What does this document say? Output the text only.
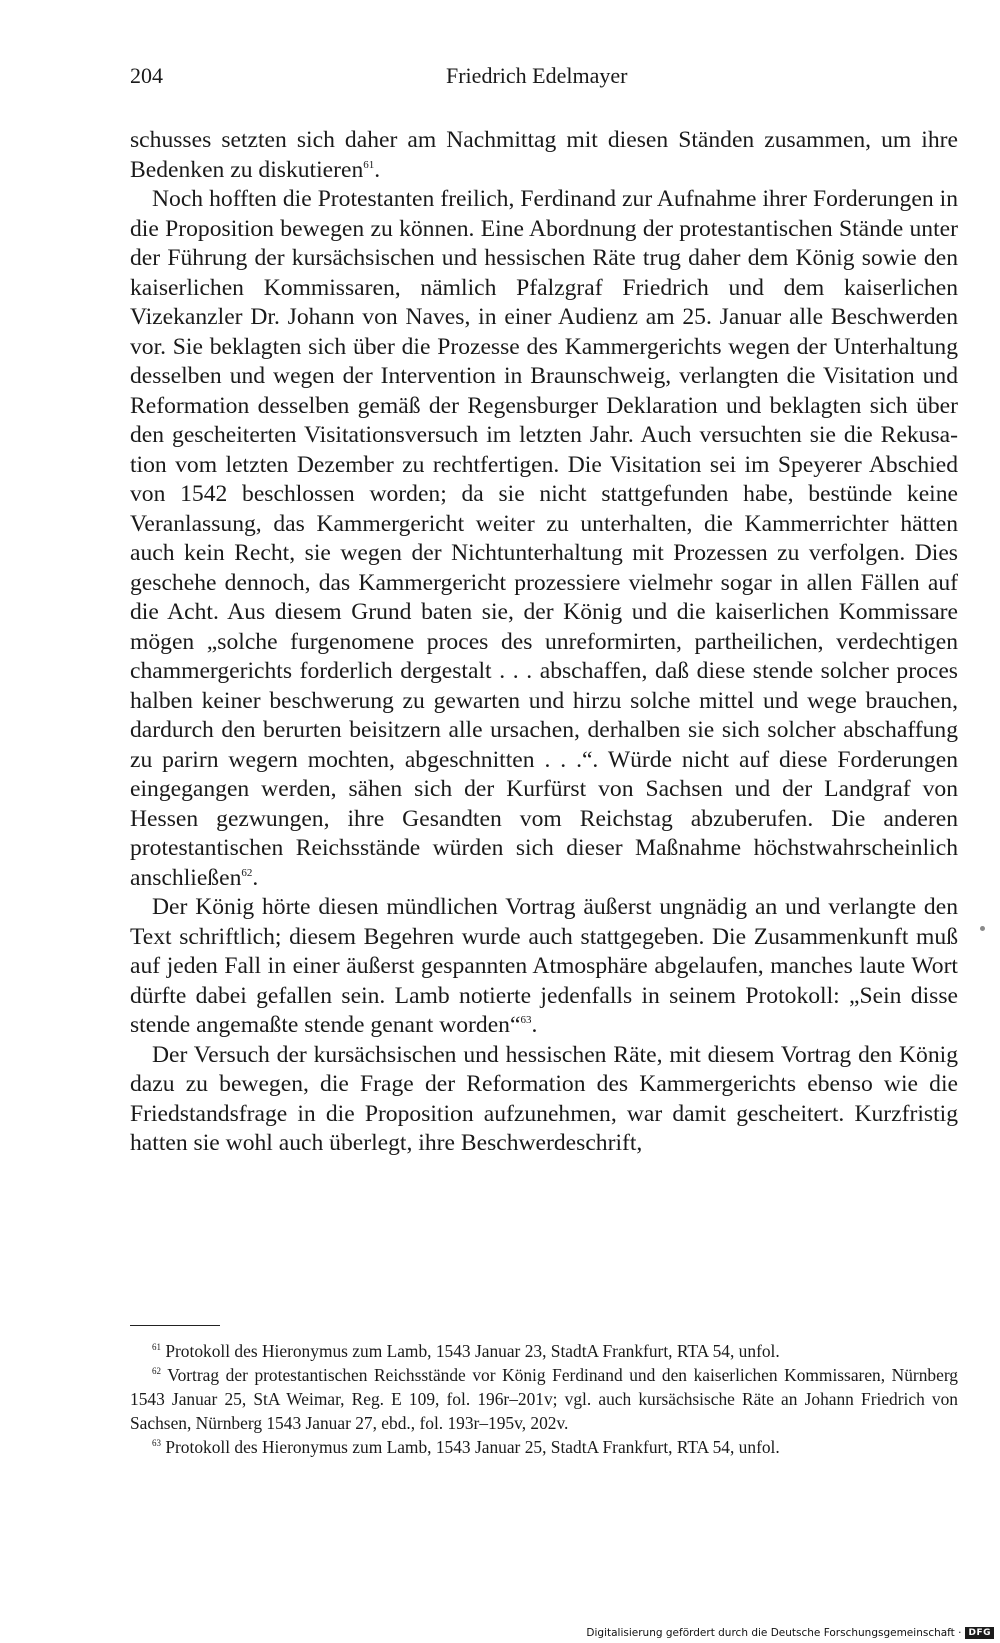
204	Friedrich Edelmayer

schusses setzten sich daher am Nachmittag mit diesen Ständen zusammen, um ihre Bedenken zu diskutieren$^{61}$.

Noch hofften die Protestanten freilich, Ferdinand zur Aufnahme ihrer Forderungen in die Proposition bewegen zu können. Eine Abordnung der protestantischen Stände unter der Führung der kursächsischen und hessischen Räte trug daher dem König sowie den kaiserlichen Kommissaren, nämlich Pfalzgraf Friedrich und dem kaiserlichen Vizekanzler Dr. Johann von Naves, in einer Audienz am 25. Januar alle Beschwerden vor. Sie beklagten sich über die Prozesse des Kammergerichts wegen der Unterhaltung desselben und wegen der Intervention in Braunschweig, verlangten die Visitation und Reformation desselben gemäß der Regensburger Deklaration und beklagten sich über den gescheiterten Visitationsversuch im letzten Jahr. Auch versuchten sie die Rekusation vom letzten Dezember zu rechtfertigen. Die Visitation sei im Speyerer Abschied von 1542 beschlossen worden; da sie nicht stattgefunden habe, bestünde keine Veranlassung, das Kammergericht weiter zu unterhalten, die Kammerrichter hätten auch kein Recht, sie wegen der Nichtunterhaltung mit Prozessen zu verfolgen. Dies geschehe dennoch, das Kammergericht prozessiere vielmehr sogar in allen Fällen auf die Acht. Aus diesem Grund baten sie, der König und die kaiserlichen Kommissare mögen „solche furgenomene proces des unreformirten, partheilichen, verdechtigen chammergerichts forderlich dergestalt . . . abschaffen, daß diese stende solcher proces halben keiner beschwerung zu gewarten und hirzu solche mittel und wege brauchen, dardurch den berurten beisitzern alle ursachen, derhalben sie sich solcher abschaffung zu parirn wegern mochten, abgeschnitten . . .“. Würde nicht auf diese Forderungen eingegangen werden, sähen sich der Kurfürst von Sachsen und der Landgraf von Hessen gezwungen, ihre Gesandten vom Reichstag abzuberufen. Die anderen protestantischen Reichsstände würden sich dieser Maßnahme höchstwahrscheinlich anschließen$^{62}$.

Der König hörte diesen mündlichen Vortrag äußerst ungnädig an und verlangte den Text schriftlich; diesem Begehren wurde auch stattgegeben. Die Zusammenkunft muß auf jeden Fall in einer äußerst gespannten Atmosphäre abgelaufen, manches laute Wort dürfte dabei gefallen sein. Lamb notierte jedenfalls in seinem Protokoll: „Sein disse stende angemaßte stende genant worden“$^{63}$.

Der Versuch der kursächsischen und hessischen Räte, mit diesem Vortrag den König dazu zu bewegen, die Frage der Reformation des Kammergerichts ebenso wie die Friedstandsfrage in die Proposition aufzunehmen, war damit gescheitert. Kurzfristig hatten sie wohl auch überlegt, ihre Beschwerdeschrift,

$^{61}$ Protokoll des Hieronymus zum Lamb, 1543 Januar 23, StadtA Frankfurt, RTA 54, unfol.

$^{62}$ Vortrag der protestantischen Reichsstände vor König Ferdinand und den kaiserlichen Kommissaren, Nürnberg 1543 Januar 25, StA Weimar, Reg. E 109, fol. 196r–201v; vgl. auch kursächsische Räte an Johann Friedrich von Sachsen, Nürnberg 1543 Januar 27, ebd., fol. 193r–195v, 202v.

$^{63}$ Protokoll des Hieronymus zum Lamb, 1543 Januar 25, StadtA Frankfurt, RTA 54, unfol.

Digitalisierung gefördert durch die Deutsche Forschungsgemeinschaft · DFG
